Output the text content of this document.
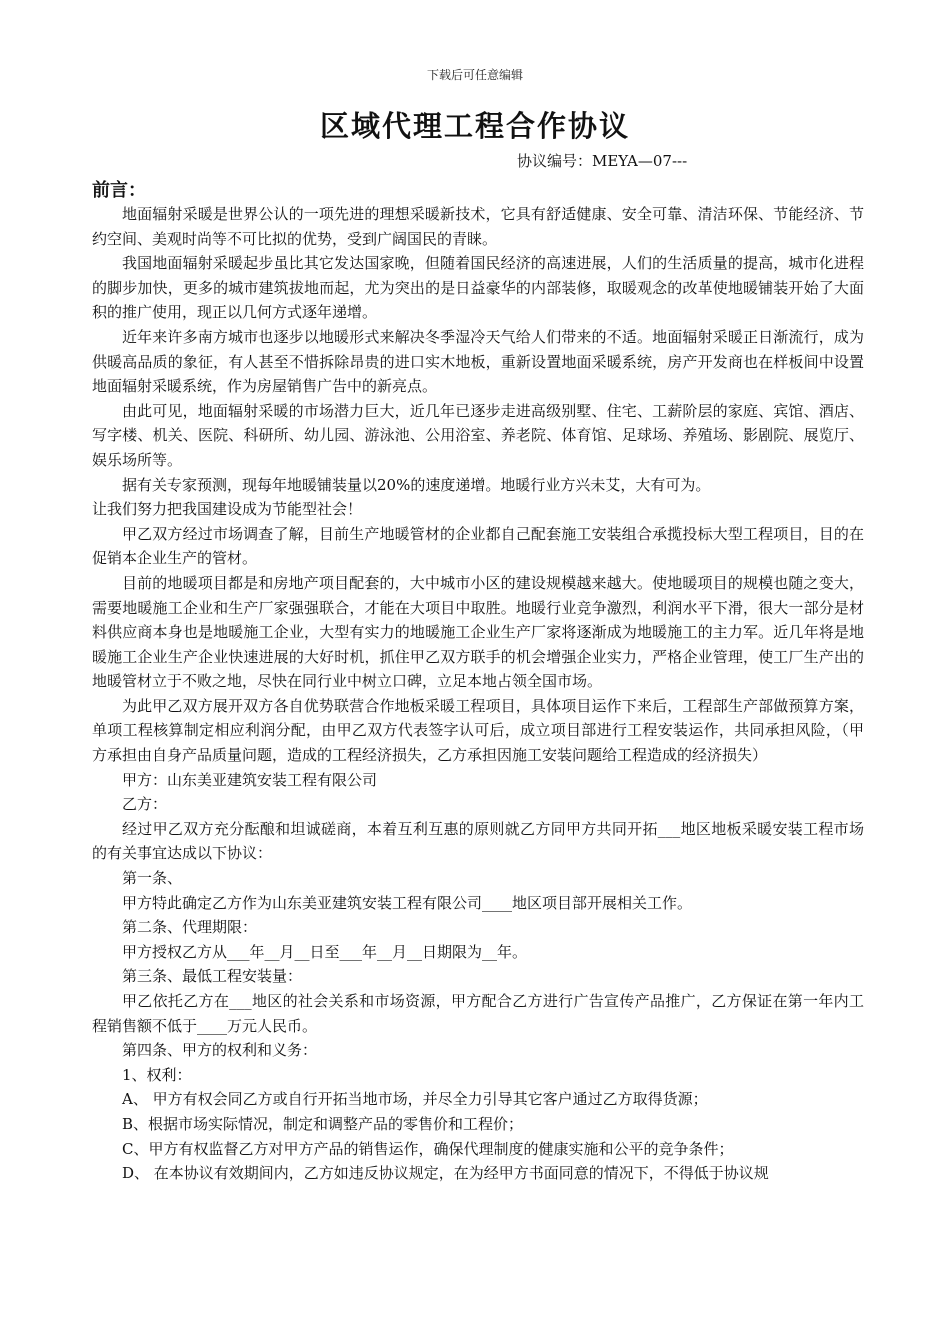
下载后可任意编辑
区域代理工程合作协议
协议编号：MEYA—07---
前言：

地面辐射采暖是世界公认的一项先进的理想采暖新技术，它具有舒适健康、安全可靠、清洁环保、节能经济、节约空间、美观时尚等不可比拟的优势，受到广阔国民的青睐。

我国地面辐射采暖起步虽比其它发达国家晚，但随着国民经济的高速进展，人们的生活质量的提高，城市化进程的脚步加快，更多的城市建筑拔地而起，尤为突出的是日益豪华的内部装修，取暖观念的改革使地暖铺装开始了大面积的推广使用，现正以几何方式逐年递增。

近年来许多南方城市也逐步以地暖形式来解决冬季湿冷天气给人们带来的不适。地面辐射采暖正日渐流行，成为供暖高品质的象征，有人甚至不惜拆除昂贵的进口实木地板，重新设置地面采暖系统，房产开发商也在样板间中设置地面辐射采暖系统，作为房屋销售广告中的新亮点。

由此可见，地面辐射采暖的市场潜力巨大，近几年已逐步走进高级别墅、住宅、工薪阶层的家庭、宾馆、酒店、写字楼、机关、医院、科研所、幼儿园、游泳池、公用浴室、养老院、体育馆、足球场、养殖场、影剧院、展览厅、娱乐场所等。

据有关专家预测，现每年地暖铺装量以20%的速度递增。地暖行业方兴未艾，大有可为。

让我们努力把我国建设成为节能型社会！

甲乙双方经过市场调查了解，目前生产地暖管材的企业都自己配套施工安装组合承揽投标大型工程项目，目的在促销本企业生产的管材。

目前的地暖项目都是和房地产项目配套的，大中城市小区的建设规模越来越大。使地暖项目的规模也随之变大，需要地暖施工企业和生产厂家强强联合，才能在大项目中取胜。地暖行业竞争激烈，利润水平下滑，很大一部分是材料供应商本身也是地暖施工企业，大型有实力的地暖施工企业生产厂家将逐渐成为地暖施工的主力军。近几年将是地暖施工企业生产企业快速进展的大好时机，抓住甲乙双方联手的机会增强企业实力，严格企业管理，使工厂生产出的地暖管材立于不败之地，尽快在同行业中树立口碑，立足本地占领全国市场。

为此甲乙双方展开双方各自优势联营合作地板采暖工程项目，具体项目运作下来后，工程部生产部做预算方案，单项工程核算制定相应利润分配，由甲乙双方代表签字认可后，成立项目部进行工程安装运作，共同承担风险，（甲方承担由自身产品质量问题，造成的工程经济损失，乙方承担因施工安装问题给工程造成的经济损失）

甲方：山东美亚建筑安装工程有限公司

乙方：

经过甲乙双方充分酝酿和坦诚磋商，本着互利互惠的原则就乙方同甲方共同开拓___地区地板采暖安装工程市场的有关事宜达成以下协议：

第一条、

甲方特此确定乙方作为山东美亚建筑安装工程有限公司____地区项目部开展相关工作。

第二条、代理期限：

甲方授权乙方从___年__月__日至___年__月__日期限为__年。

第三条、最低工程安装量：

甲乙依托乙方在___地区的社会关系和市场资源，甲方配合乙方进行广告宣传产品推广，乙方保证在第一年内工程销售额不低于____万元人民币。

第四条、甲方的权利和义务：

1、权利：

A、 甲方有权会同乙方或自行开拓当地市场，并尽全力引导其它客户通过乙方取得货源；

B、根据市场实际情况，制定和调整产品的零售价和工程价；

C、甲方有权监督乙方对甲方产品的销售运作，确保代理制度的健康实施和公平的竞争条件；

D、 在本协议有效期间内，乙方如违反协议规定，在为经甲方书面同意的情况下，不得低于协议规
